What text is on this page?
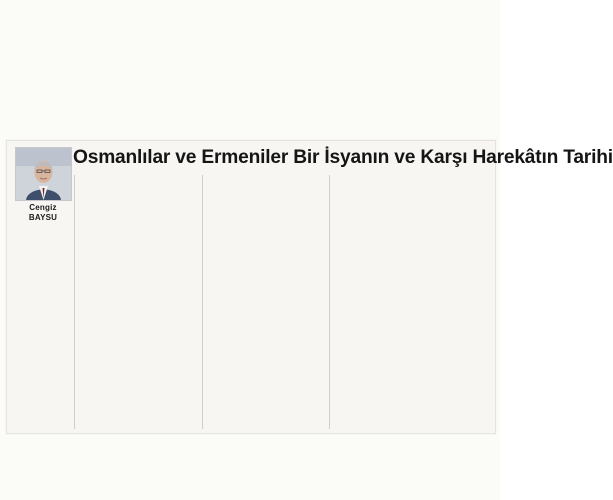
Osmanlılar ve Ermeniler Bir İsyanın ve Karşı Harekâtın Tarihi
Cengiz BAYSU
